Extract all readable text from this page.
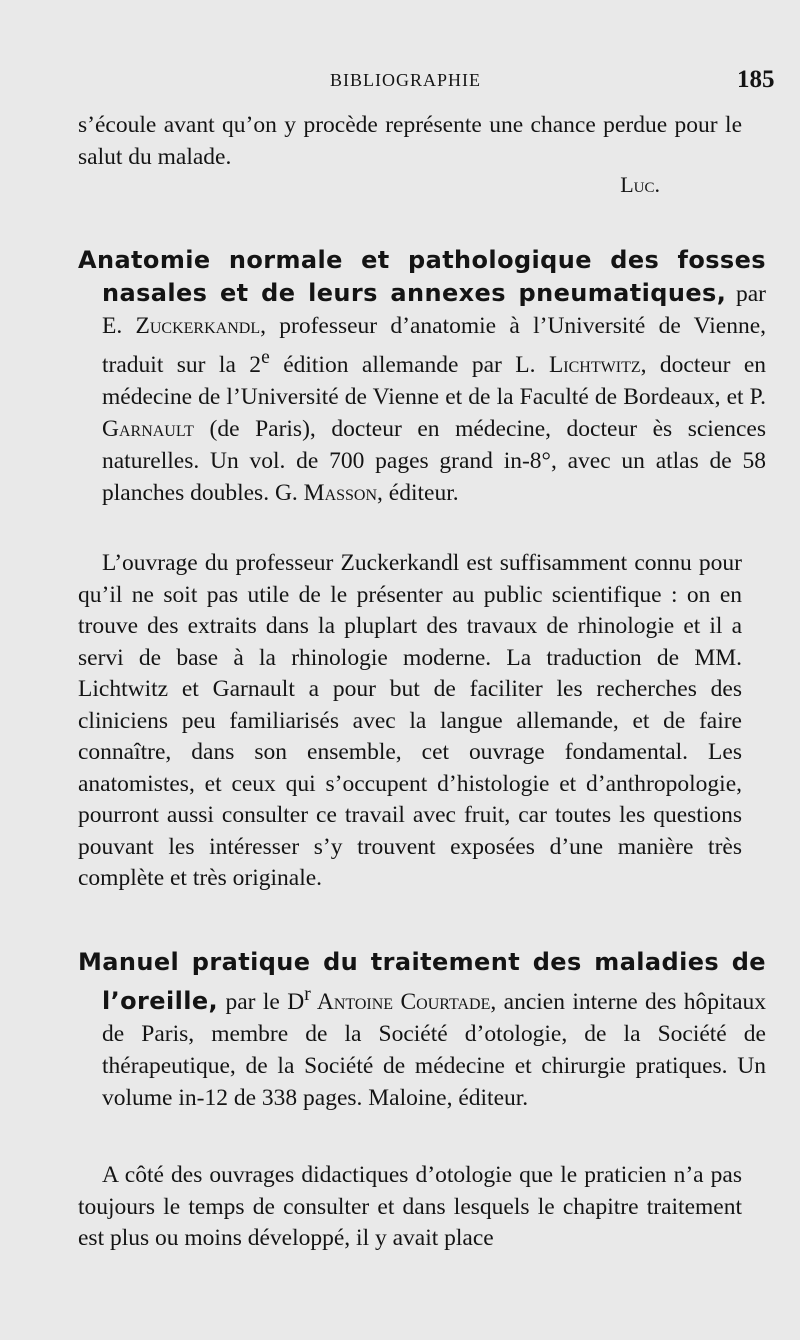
BIBLIOGRAPHIE	185

s’écoule avant qu’on y procède représente une chance perdue pour le salut du malade.

Luc.
Anatomie normale et pathologique des fosses nasales et de leurs annexes pneumatiques, par E. Zuckerkandl, professeur d’anatomie à l’Université de Vienne, traduit sur la 2e édition allemande par L. Lichtwitz, docteur en médecine de l’Université de Vienne et de la Faculté de Bordeaux, et P. Garnault (de Paris), docteur en médecine, docteur ès sciences naturelles. Un vol. de 700 pages grand in-8°, avec un atlas de 58 planches doubles. G. Masson, éditeur.

L’ouvrage du professeur Zuckerkandl est suffisamment connu pour qu’il ne soit pas utile de le présenter au public scientifique : on en trouve des extraits dans la pluplart des travaux de rhinologie et il a servi de base à la rhinologie moderne. La traduction de MM. Lichtwitz et Garnault a pour but de faciliter les recherches des cliniciens peu familiarisés avec la langue allemande, et de faire connaître, dans son ensemble, cet ouvrage fondamental. Les anatomistes, et ceux qui s’occupent d’histologie et d’anthropologie, pourront aussi consulter ce travail avec fruit, car toutes les questions pouvant les intéresser s’y trouvent exposées d’une manière très complète et très originale.

Manuel pratique du traitement des maladies de l’oreille, par le $D^r$ Antoine Courtade, ancien interne des hôpitaux de Paris, membre de la Société d’otologie, de la Société de thérapeutique, de la Société de médecine et chirurgie pratiques. Un volume in-12 de 338 pages. Maloine, éditeur.

A côté des ouvrages didactiques d’otologie que le praticien n’a pas toujours le temps de consulter et dans lesquels le chapitre traitement est plus ou moins développé, il y avait place
